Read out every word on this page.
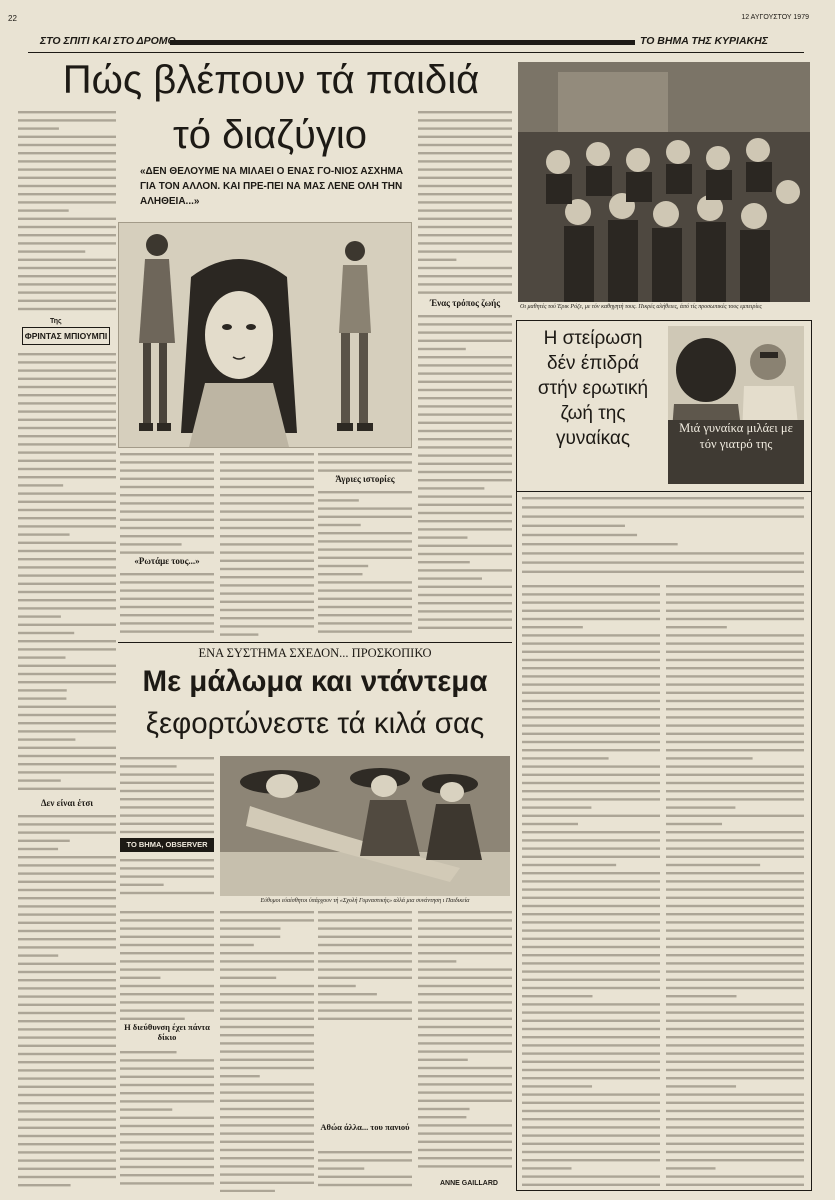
22	12 ΑΥΓΟΥΣΤΟΥ 1979
ΣΤΟ ΣΠΙΤΙ ΚΑΙ ΣΤΟ ΔΡΟΜΟ	ΤΟ ΒΗΜΑ ΤΗΣ ΚΥΡΙΑΚΗΣ
Πώς βλέπουν τά παιδιά
τό διαζύγιο
«ΔΕΝ ΘΕΛΟΥΜΕ ΝΑ ΜΙΛΑΕΙ Ο ΕΝΑΣ ΓΟ-ΝΙΟΣ ΑΣΧΗΜΑ ΓΙΑ ΤΟΝ ΑΛΛΟΝ. ΚΑΙ ΠΡΕ-ΠΕΙ ΝΑ ΜΑΣ ΛΕΝΕ ΟΛΗ ΤΗΝ ΑΛΗΘΕΙΑ...»
Της
ΦΡΙΝΤΑΣ ΜΠΙΟΥΜΠΙ
Δεν είναι έτσι
«Ρωτάμε τους...»
Άγριες ιστορίες
Ένας τρόπος ζωής	Οι μαθητές τού Έρικ Ρόζε, με τόν καθηγητή τους. Πικρές αλήθειες, άπό τίς προσωπικές τους εμπειρίες
Η στείρωση
δέν έπιδρά
στήν ερωτική
ζωή της
γυναίκας	Μιά γυναίκα μιλάει με τόν γιατρό της
ΕΝΑ ΣΥΣΤΗΜΑ ΣΧΕΔΟΝ... ΠΡΟΣΚΟΠΙΚΟ
Με μάλωμα και ντάντεμα
ξεφορτώνεστε τά κιλά σας
ΤΟ ΒΗΜΑ, OBSERVER
Εύθυμοι εύαίσθητοι ύπάρχουν τή «Σχολή Γυμναστικής» αλλά μια συνάντηση ι Παιδικεία
Η διεύθυνση έχει πάντα δίκιο
Αθώα άλλα... του πανιού
ANNE GAILLARD
